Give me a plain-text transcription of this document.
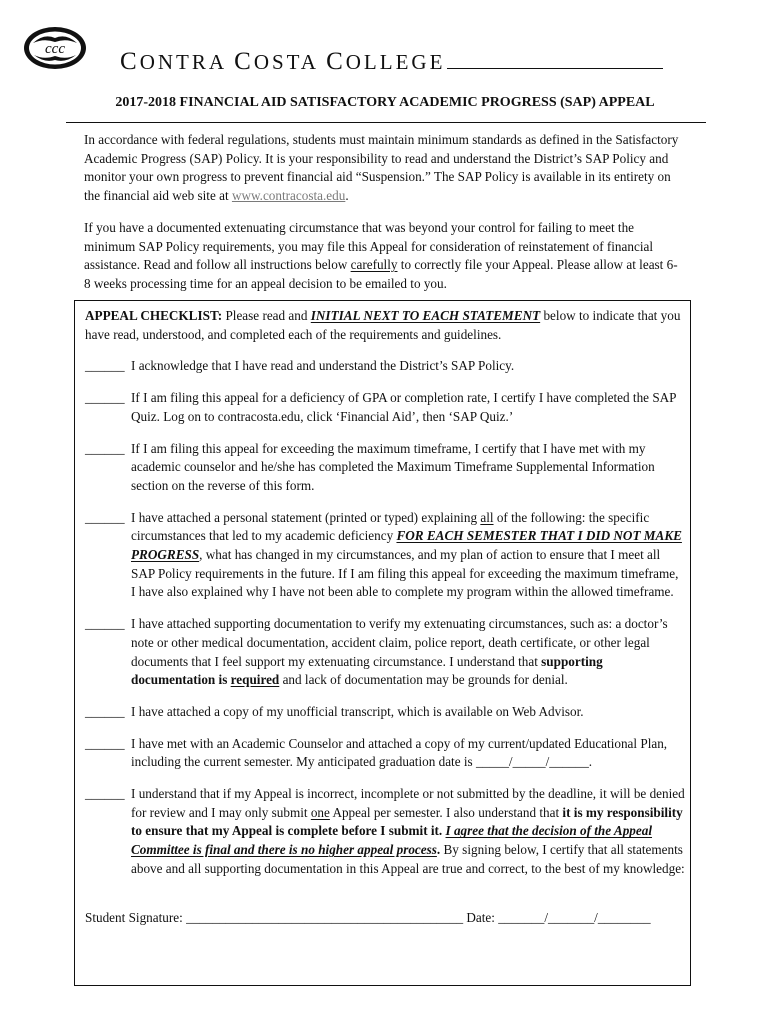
ccc CONTRA COSTA COLLEGE
2017-2018 FINANCIAL AID SATISFACTORY ACADEMIC PROGRESS (SAP) APPEAL

In accordance with federal regulations, students must maintain minimum standards as defined in the Satisfactory Academic Progress (SAP) Policy. It is your responsibility to read and understand the District’s SAP Policy and monitor your own progress to prevent financial aid “Suspension.” The SAP Policy is available in its entirety on the financial aid web site at www.contracosta.edu.

If you have a documented extenuating circumstance that was beyond your control for failing to meet the minimum SAP Policy requirements, you may file this Appeal for consideration of reinstatement of financial assistance. Read and follow all instructions below carefully to correctly file your Appeal. Please allow at least 6-8 weeks processing time for an appeal decision to be emailed to you.

APPEAL CHECKLIST: Please read and INITIAL NEXT TO EACH STATEMENT below to indicate that you have read, understood, and completed each of the requirements and guidelines.

______ I acknowledge that I have read and understand the District’s SAP Policy.
______ If I am filing this appeal for a deficiency of GPA or completion rate, I certify I have completed the SAP Quiz. Log on to contracosta.edu, click ‘Financial Aid’, then ‘SAP Quiz.’
______ If I am filing this appeal for exceeding the maximum timeframe, I certify that I have met with my academic counselor and he/she has completed the Maximum Timeframe Supplemental Information section on the reverse of this form.
______ I have attached a personal statement (printed or typed) explaining all of the following: the specific circumstances that led to my academic deficiency FOR EACH SEMESTER THAT I DID NOT MAKE PROGRESS, what has changed in my circumstances, and my plan of action to ensure that I meet all SAP Policy requirements in the future. If I am filing this appeal for exceeding the maximum timeframe, I have also explained why I have not been able to complete my program within the allowed timeframe.
______ I have attached supporting documentation to verify my extenuating circumstances, such as: a doctor’s note or other medical documentation, accident claim, police report, death certificate, or other legal documents that I feel support my extenuating circumstance. I understand that supporting documentation is required and lack of documentation may be grounds for denial.
______ I have attached a copy of my unofficial transcript, which is available on Web Advisor.
______ I have met with an Academic Counselor and attached a copy of my current/updated Educational Plan, including the current semester. My anticipated graduation date is _____/_____/______.
______ I understand that if my Appeal is incorrect, incomplete or not submitted by the deadline, it will be denied for review and I may only submit one Appeal per semester. I also understand that it is my responsibility to ensure that my Appeal is complete before I submit it. I agree that the decision of the Appeal Committee is final and there is no higher appeal process. By signing below, I certify that all statements above and all supporting documentation in this Appeal are true and correct, to the best of my knowledge:
Student Signature: __________________________________________ Date: _______/_______/________
